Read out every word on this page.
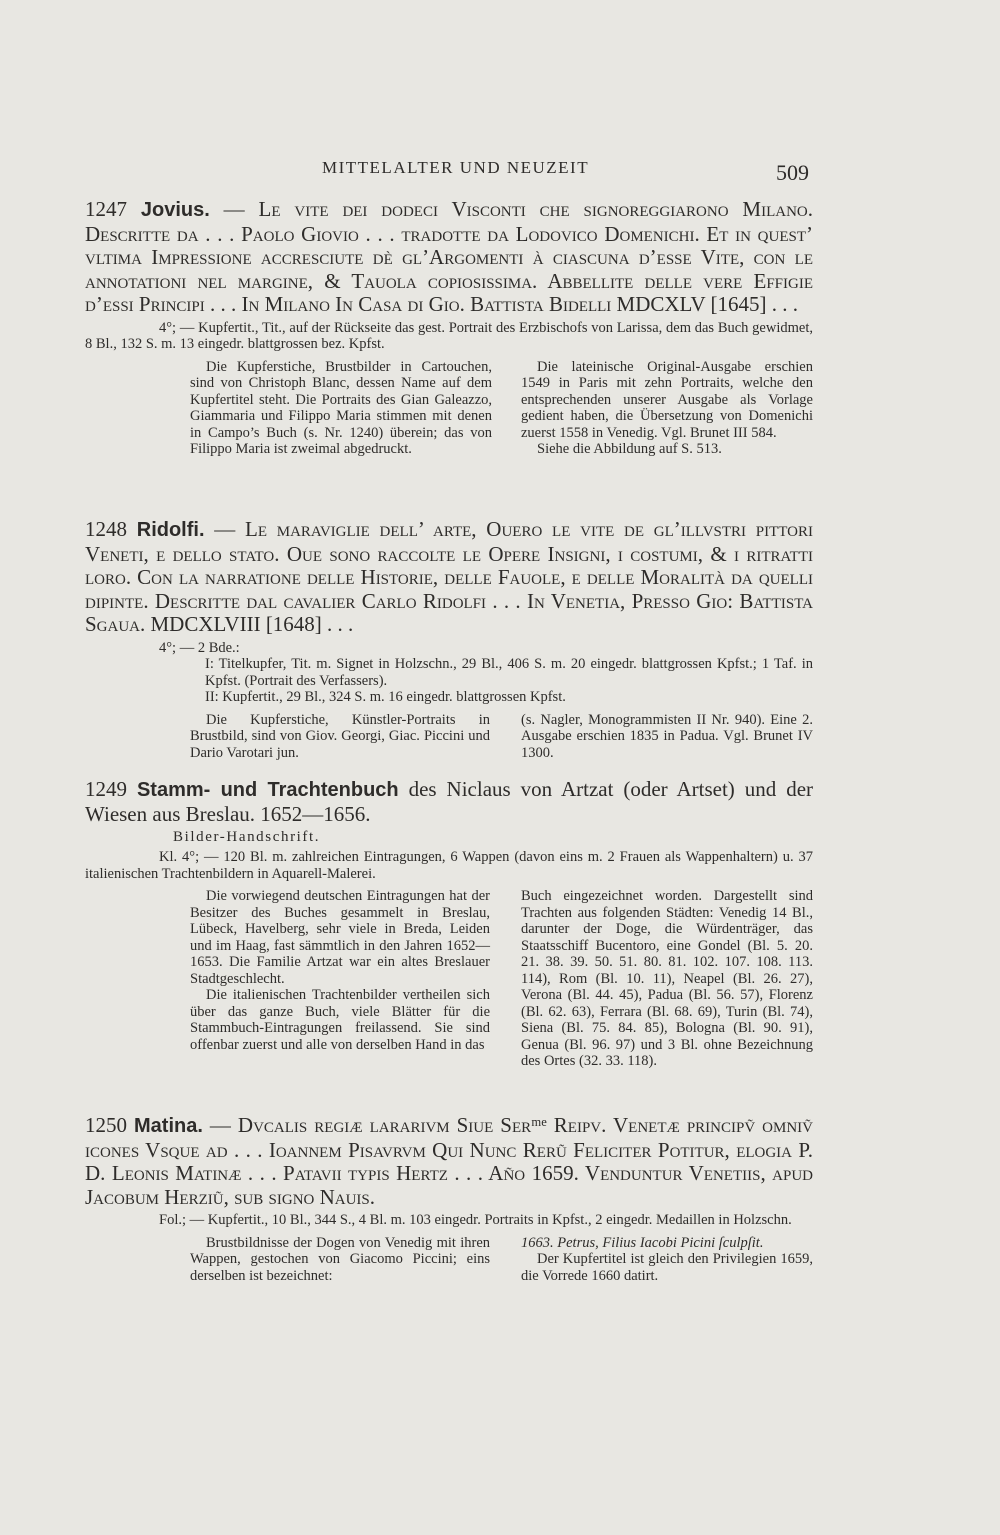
MITTELALTER UND NEUZEIT	509
1247 Jovius. — Le vite dei dodeci Visconti che signoreggiarono Milano. Descritte da . . . Paolo Giovio . . . tradotte da Lodovico Domenichi. Et in queſt’ vltima Impreſſione accreſciute dè gl’Argomenti à ciaſcuna d’eſſe Vite, con le annotationi nel margine, & Tauola copioſiſſima. Abbellite delle vere Effigie d’eſsi Principi . . . In Milano In Caſa di Gio. Battiſta Bidelli MDCXLV [1645] . . .
4°; — Kupfertit., Tit., auf der Rückseite das gest. Portrait des Erzbischofs von Larissa, dem das Buch gewidmet, 8 Bl., 132 S. m. 13 eingedr. blattgrossen bez. Kpfst.

Die Kupferstiche, Brustbilder in Cartouchen, sind von Christoph Blanc, dessen Name auf dem Kupfertitel steht. Die Portraits des Gian Galeazzo, Giammaria und Filippo Maria stimmen mit denen in Campo’s Buch (s. Nr. 1240) überein; das von Filippo Maria ist zweimal abgedruckt.

Die lateinische Original-Ausgabe erschien 1549 in Paris mit zehn Portraits, welche den entsprechenden unserer Ausgabe als Vorlage gedient haben, die Übersetzung von Domenichi zuerst 1558 in Venedig. Vgl. Brunet III 584.

Siehe die Abbildung auf S. 513.

1248 Ridolfi. — Le maraviglie dell’ arte, Ouero le vite de gl’illvstri pittori Veneti, e dello stato. Oue ſono raccolte le Opere Inſigni, i coſtumi, & i ritratti loro. Con la narratione delle Hiſtorie, delle Fauole, e delle Moralità da quelli dipinte. Deſcritte dal cavalier Carlo Ridolfi . . . In Venetia, Preſſo Gio: Battiſta Sgaua. MDCXLVIII [1648] . . .
4°; — 2 Bde.:
I: Titelkupfer, Tit. m. Signet in Holzschn., 29 Bl., 406 S. m. 20 eingedr. blattgrossen Kpfst.; 1 Taf. in Kpfst. (Portrait des Verfassers).
II: Kupfertit., 29 Bl., 324 S. m. 16 eingedr. blattgrossen Kpfst.

Die Kupferstiche, Künstler-Portraits in Brustbild, sind von Giov. Georgi, Giac. Piccini und Dario Varotari jun.

(s. Nagler, Monogrammisten II Nr. 940). Eine 2. Ausgabe erschien 1835 in Padua. Vgl. Brunet IV 1300.

1249 Stamm- und Trachtenbuch des Niclaus von Artzat (oder Artset) und der Wiesen aus Breslau. 1652—1656.
Bilder-Handschrift.
Kl. 4°; — 120 Bl. m. zahlreichen Eintragungen, 6 Wappen (davon eins m. 2 Frauen als Wappenhaltern) u. 37 italienischen Trachtenbildern in Aquarell-Malerei.

Die vorwiegend deutschen Eintragungen hat der Besitzer des Buches gesammelt in Breslau, Lübeck, Havelberg, sehr viele in Breda, Leiden und im Haag, fast sämmtlich in den Jahren 1652—1653. Die Familie Artzat war ein altes Breslauer Stadtgeschlecht.

Die italienischen Trachtenbilder vertheilen sich über das ganze Buch, viele Blätter für die Stammbuch-Eintragungen freilassend. Sie sind offenbar zuerst und alle von derselben Hand in das

Buch eingezeichnet worden. Dargestellt sind Trachten aus folgenden Städten: Venedig 14 Bl., darunter der Doge, die Würdenträger, das Staatsschiff Bucentoro, eine Gondel (Bl. 5. 20. 21. 38. 39. 50. 51. 80. 81. 102. 107. 108. 113. 114), Rom (Bl. 10. 11), Neapel (Bl. 26. 27), Verona (Bl. 44. 45), Padua (Bl. 56. 57), Florenz (Bl. 62. 63), Ferrara (Bl. 68. 69), Turin (Bl. 74), Siena (Bl. 75. 84. 85), Bologna (Bl. 90. 91), Genua (Bl. 96. 97) und 3 Bl. ohne Bezeichnung des Ortes (32. 33. 118).

1250 Matina. — Dvcalis regiæ lararivm Siue Serᵐᵉ Reipv. Venetæ principṽ omniṽ icones Vsque ad . . . Ioannem Pisavrvm Qui Nunc Rerũ Feliciter Potitur, elogia P. D. Leonis Matinæ . . . Patavii typis Hertz . . . Año 1659. Venduntur Venetiis, apud Jacobum Herziũ, sub signo Nauis.
Fol.; — Kupfertit., 10 Bl., 344 S., 4 Bl. m. 103 eingedr. Portraits in Kpfst., 2 eingedr. Medaillen in Holzschn.

Brustbildnisse der Dogen von Venedig mit ihren Wappen, gestochen von Giacomo Piccini; eins derselben ist bezeichnet:

1663. Petrus, Filius Iacobi Picini ſculpſit.

Der Kupfertitel ist gleich den Privilegien 1659, die Vorrede 1660 datirt.
